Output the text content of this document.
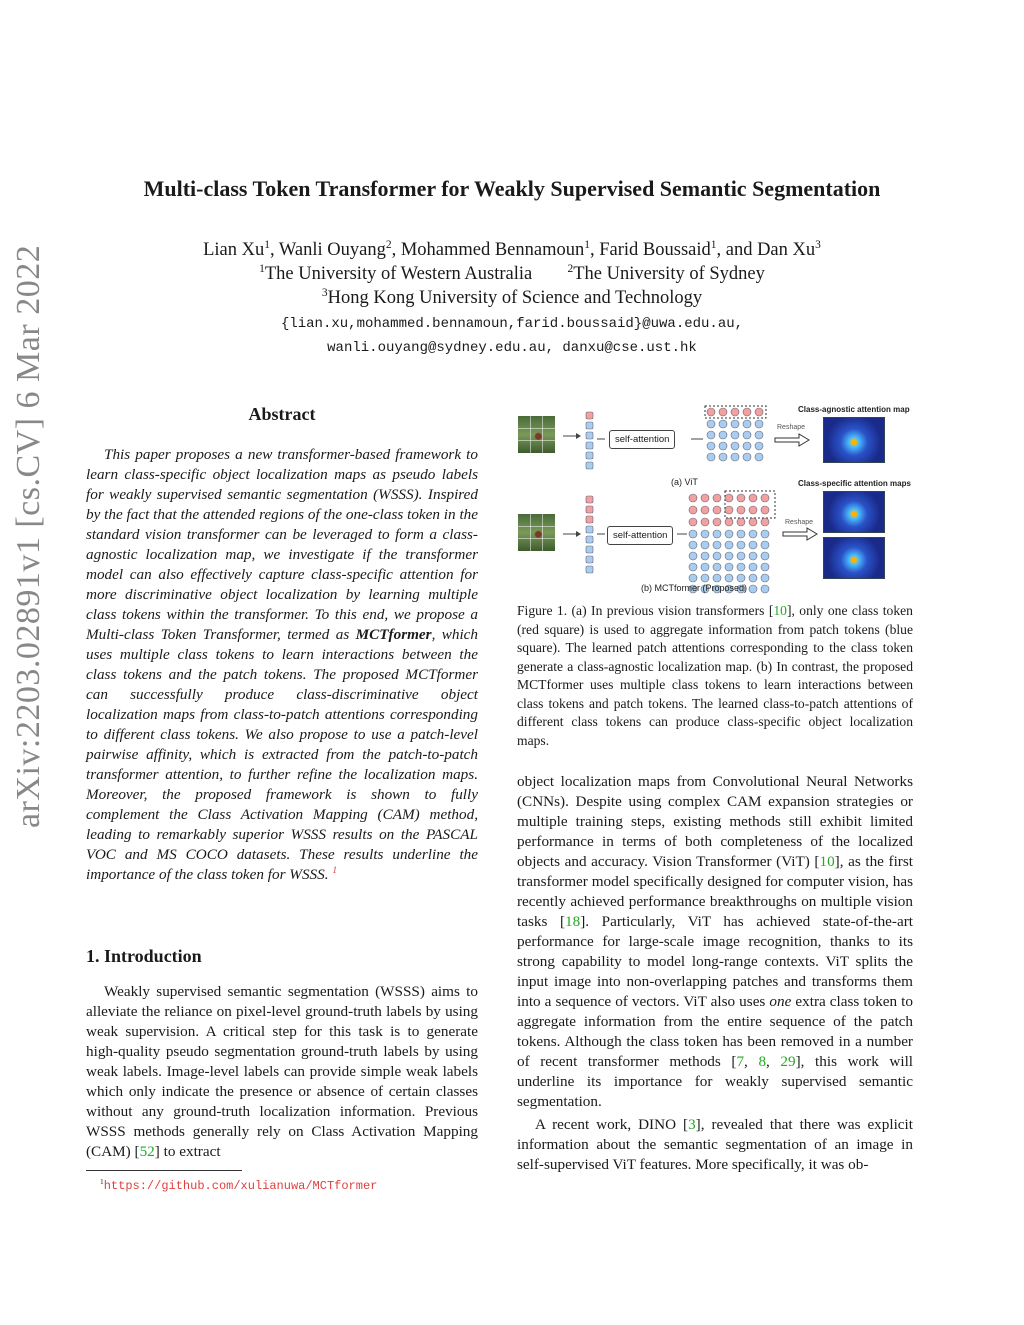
arXiv:2203.02891v1 [cs.CV] 6 Mar 2022
Multi-class Token Transformer for Weakly Supervised Semantic Segmentation
Lian Xu$^1$, Wanli Ouyang$^2$, Mohammed Bennamoun$^1$, Farid Boussaid$^1$, and Dan Xu$^3$
$^1$The University of Western Australia	$^2$The University of Sydney
$^3$Hong Kong University of Science and Technology
{lian.xu,mohammed.bennamoun,farid.boussaid}@uwa.edu.au,
wanli.ouyang@sydney.edu.au, danxu@cse.ust.hk
Abstract

This paper proposes a new transformer-based framework to learn class-specific object localization maps as pseudo labels for weakly supervised semantic segmentation (WSSS). Inspired by the fact that the attended regions of the one-class token in the standard vision transformer can be leveraged to form a class-agnostic localization map, we investigate if the transformer model can also effectively capture class-specific attention for more discriminative object localization by learning multiple class tokens within the transformer. To this end, we propose a Multi-class Token Transformer, termed as MCTformer, which uses multiple class tokens to learn interactions between the class tokens and the patch tokens. The proposed MCTformer can successfully produce class-discriminative object localization maps from class-to-patch attentions corresponding to different class tokens. We also propose to use a patch-level pairwise affinity, which is extracted from the patch-to-patch transformer attention, to further refine the localization maps. Moreover, the proposed framework is shown to fully complement the Class Activation Mapping (CAM) method, leading to remarkably superior WSSS results on the PASCAL VOC and MS COCO datasets. These results underline the importance of the class token for WSSS. $^1$

1. Introduction

Weakly supervised semantic segmentation (WSSS) aims to alleviate the reliance on pixel-level ground-truth labels by using weak supervision. A critical step for this task is to generate high-quality pseudo segmentation ground-truth labels by using weak labels. Image-level labels can provide simple weak labels which only indicate the presence or absence of certain classes without any ground-truth localization information. Previous WSSS methods generally rely on Class Activation Mapping (CAM) [52] to extract

$^1$https://github.com/xulianuwa/MCTformer
self-attention
Reshape
Class-agnostic attention map
(a) ViT
self-attention
Class-specific attention maps
Reshape
(b) MCTformer (Proposed)
Figure 1. (a) In previous vision transformers [10], only one class token (red square) is used to aggregate information from patch tokens (blue square). The learned patch attentions corresponding to the class token generate a class-agnostic localization map. (b) In contrast, the proposed MCTformer uses multiple class tokens to learn interactions between class tokens and patch tokens. The learned class-to-patch attentions of different class tokens can produce class-specific object localization maps.

object localization maps from Convolutional Neural Networks (CNNs). Despite using complex CAM expansion strategies or multiple training steps, existing methods still exhibit limited performance in terms of both completeness of the localized objects and accuracy. Vision Transformer (ViT) [10], as the first transformer model specifically designed for computer vision, has recently achieved performance breakthroughs on multiple vision tasks [18]. Particularly, ViT has achieved state-of-the-art performance for large-scale image recognition, thanks to its strong capability to model long-range contexts. ViT splits the input image into non-overlapping patches and transforms them into a sequence of vectors. ViT also uses one extra class token to aggregate information from the entire sequence of the patch tokens. Although the class token has been removed in a number of recent transformer methods [7, 8, 29], this work will underline its importance for weakly supervised semantic segmentation.

A recent work, DINO [3], revealed that there was explicit information about the semantic segmentation of an image in self-supervised ViT features. More specifically, it was ob-
